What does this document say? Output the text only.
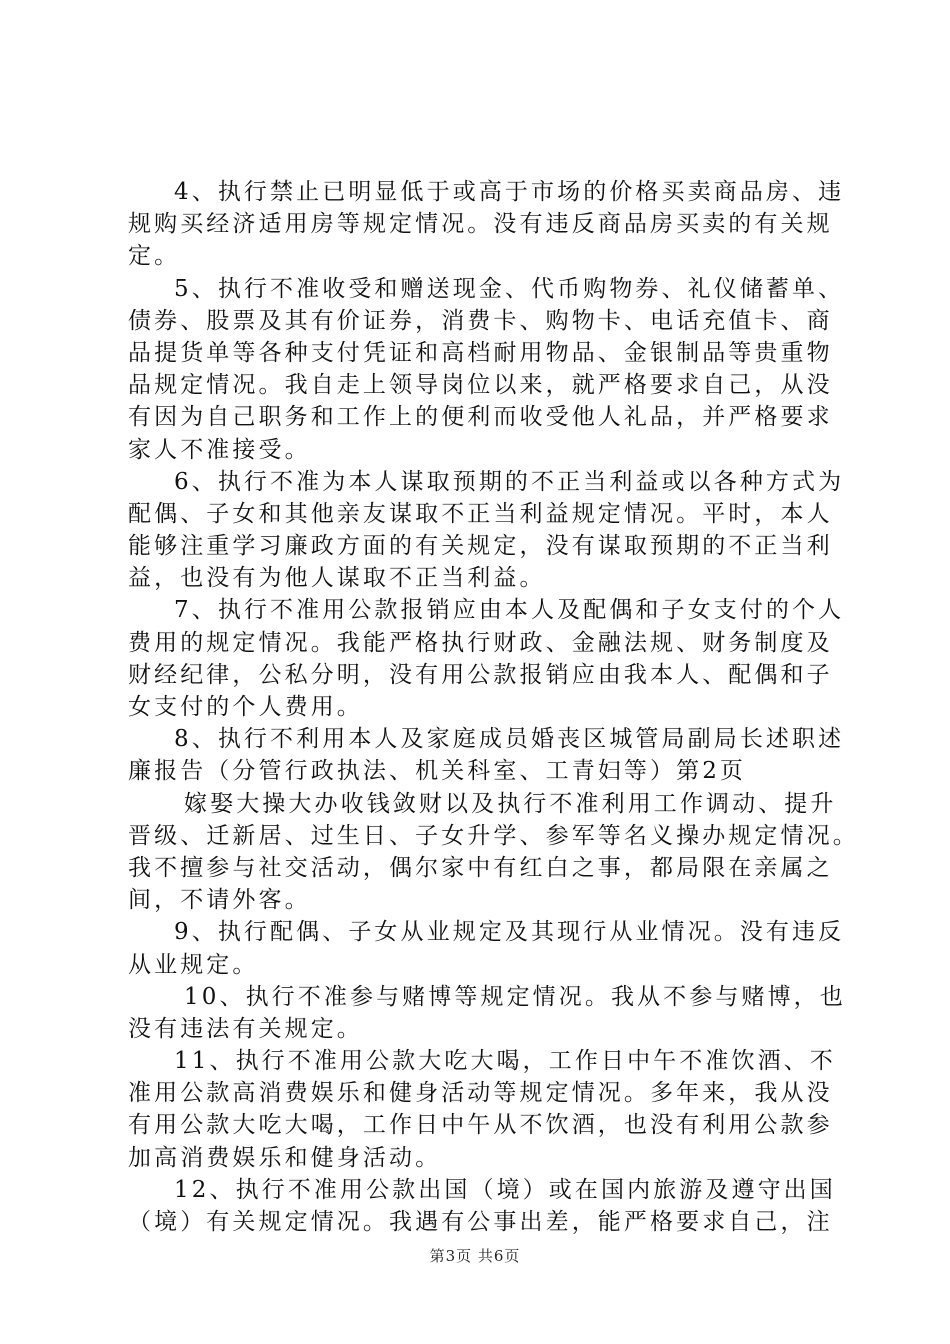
4、执行禁止已明显低于或高于市场的价格买卖商品房、违
规购买经济适用房等规定情况。没有违反商品房买卖的有关规
定。
5、执行不准收受和赠送现金、代币购物券、礼仪储蓄单、
债券、股票及其有价证券，消费卡、购物卡、电话充值卡、商
品提货单等各种支付凭证和高档耐用物品、金银制品等贵重物
品规定情况。我自走上领导岗位以来，就严格要求自己，从没
有因为自己职务和工作上的便利而收受他人礼品，并严格要求
家人不准接受。
6、执行不准为本人谋取预期的不正当利益或以各种方式为
配偶、子女和其他亲友谋取不正当利益规定情况。平时，本人
能够注重学习廉政方面的有关规定，没有谋取预期的不正当利
益，也没有为他人谋取不正当利益。
7、执行不准用公款报销应由本人及配偶和子女支付的个人
费用的规定情况。我能严格执行财政、金融法规、财务制度及
财经纪律，公私分明，没有用公款报销应由我本人、配偶和子
女支付的个人费用。
8、执行不利用本人及家庭成员婚丧区城管局副局长述职述
廉报告（分管行政执法、机关科室、工青妇等）第2页
嫁娶大操大办收钱敛财以及执行不准利用工作调动、提升
晋级、迁新居、过生日、子女升学、参军等名义操办规定情况。
我不擅参与社交活动，偶尔家中有红白之事，都局限在亲属之
间，不请外客。
9、执行配偶、子女从业规定及其现行从业情况。没有违反
从业规定。
10、执行不准参与赌博等规定情况。我从不参与赌博，也
没有违法有关规定。
11、执行不准用公款大吃大喝，工作日中午不准饮酒、不
准用公款高消费娱乐和健身活动等规定情况。多年来，我从没
有用公款大吃大喝，工作日中午从不饮酒，也没有利用公款参
加高消费娱乐和健身活动。
12、执行不准用公款出国（境）或在国内旅游及遵守出国
（境）有关规定情况。我遇有公事出差，能严格要求自己，注
第3页 共6页
